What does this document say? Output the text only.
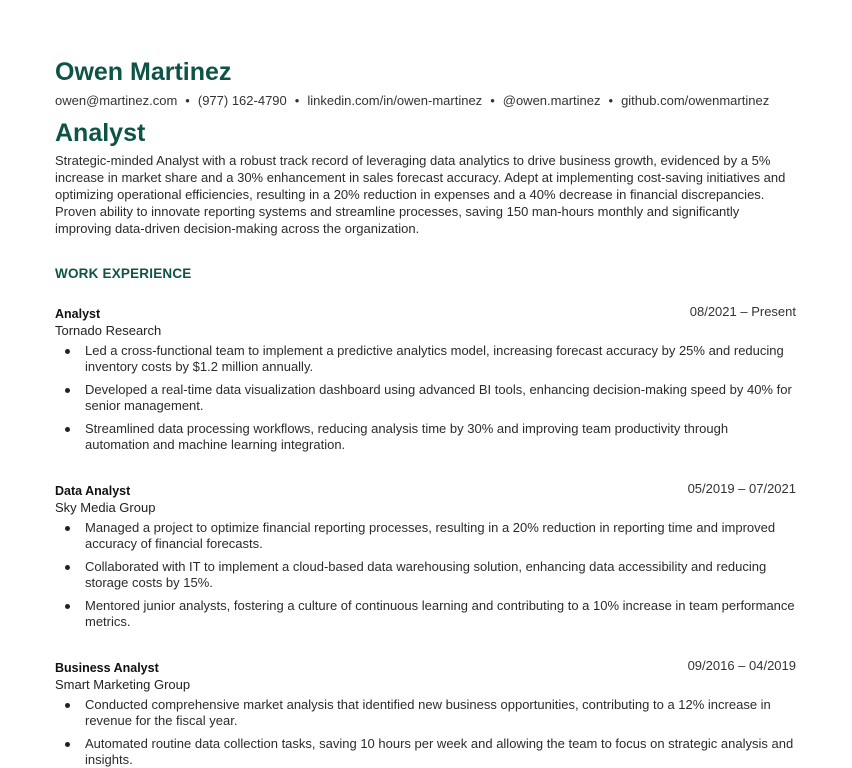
Owen Martinez
owen@martinez.com • (977) 162-4790 • linkedin.com/in/owen-martinez • @owen.martinez • github.com/owenmartinez
Analyst

Strategic-minded Analyst with a robust track record of leveraging data analytics to drive business growth, evidenced by a 5% increase in market share and a 30% enhancement in sales forecast accuracy. Adept at implementing cost-saving initiatives and optimizing operational efficiencies, resulting in a 20% reduction in expenses and a 40% decrease in financial discrepancies. Proven ability to innovate reporting systems and streamline processes, saving 150 man-hours monthly and significantly improving data-driven decision-making across the organization.

WORK EXPERIENCE
Analyst	08/2021 – Present
Tornado Research
Led a cross-functional team to implement a predictive analytics model, increasing forecast accuracy by 25% and reducing inventory costs by $1.2 million annually.
Developed a real-time data visualization dashboard using advanced BI tools, enhancing decision-making speed by 40% for senior management.
Streamlined data processing workflows, reducing analysis time by 30% and improving team productivity through automation and machine learning integration.
Data Analyst	05/2019 – 07/2021
Sky Media Group
Managed a project to optimize financial reporting processes, resulting in a 20% reduction in reporting time and improved accuracy of financial forecasts.
Collaborated with IT to implement a cloud-based data warehousing solution, enhancing data accessibility and reducing storage costs by 15%.
Mentored junior analysts, fostering a culture of continuous learning and contributing to a 10% increase in team performance metrics.
Business Analyst	09/2016 – 04/2019
Smart Marketing Group
Conducted comprehensive market analysis that identified new business opportunities, contributing to a 12% increase in revenue for the fiscal year.
Automated routine data collection tasks, saving 10 hours per week and allowing the team to focus on strategic analysis and insights.
